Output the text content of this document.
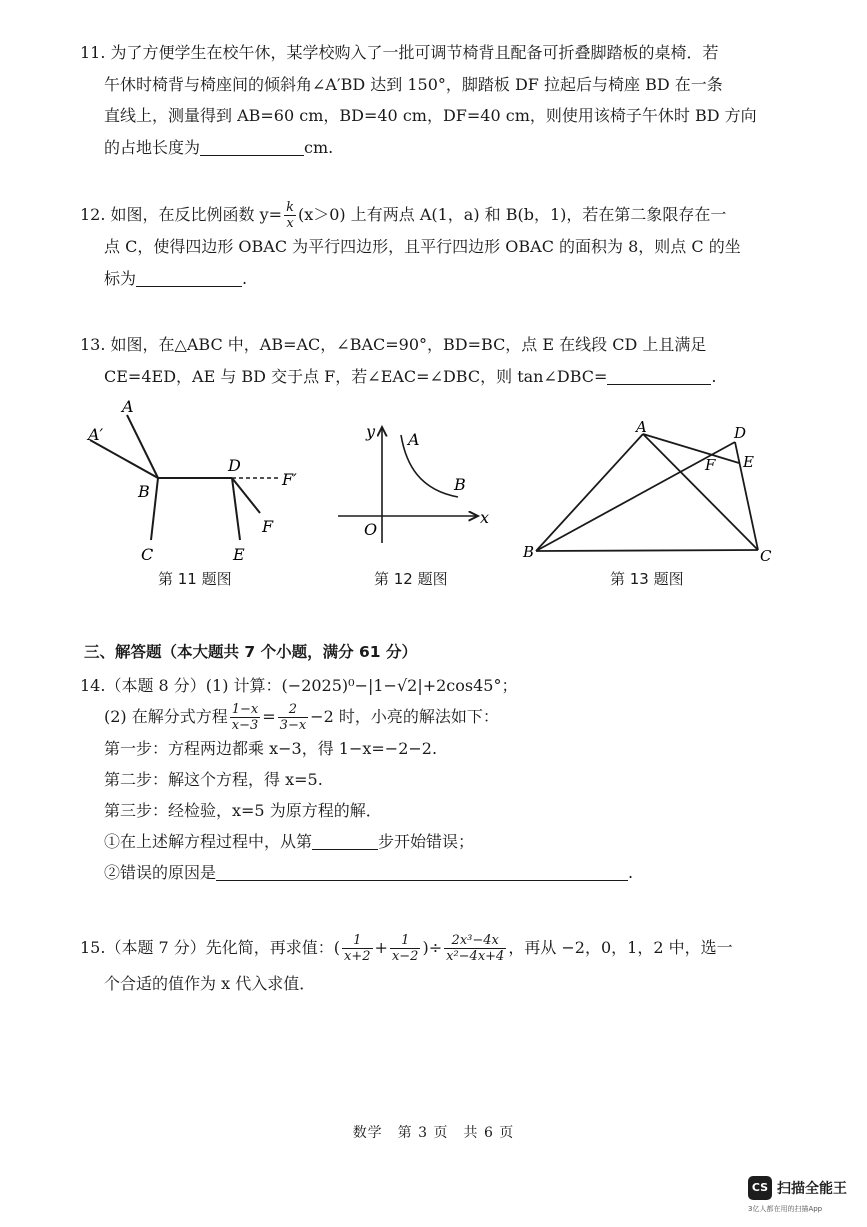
11. 为了方便学生在校午休，某学校购入了一批可调节椅背且配备可折叠脚踏板的桌椅．若

午休时椅背与椅座间的倾斜角∠A′BD 达到 150°，脚踏板 DF 拉起后与椅座 BD 在一条

直线上，测量得到 AB=60 cm，BD=40 cm，DF=40 cm，则使用该椅子午休时 BD 方向

的占地长度为	cm.

12. 如图，在反比例函数 $y= \frac{k}{x} (x>0)$ 上有两点 A(1，a) 和 B(b，1)，若在第二象限存在一

点 C，使得四边形 OBAC 为平行四边形，且平行四边形 OBAC 的面积为 8，则点 C 的坐

标为	.

13. 如图，在△ABC 中，AB=AC，∠BAC=90°，BD=BC，点 E 在线段 CD 上且满足

CE=4ED，AE 与 BD 交于点 F，若∠EAC=∠DBC，则 tan∠DBC=	.

A′
A
B
D
F′
C	E
F
第 11 题图
y A
B
O
x
第 12 题图
A	D
F E
B	C
第 13 题图
三、解答题（本大题共 7 个小题，满分 61 分）

14.（本题 8 分）(1) 计算：(−2025)⁰−|1−√2|+2cos45°；

(2) 在解分式方程 $\frac{1-x}{x-3} = \frac{2}{3-x} -2$ 时，小亮的解法如下：

第一步：方程两边都乘 x−3，得 1−x=−2−2.

第二步：解这个方程，得 x=5.

第三步：经检验，x=5 为原方程的解．

①在上述解方程过程中，从第	步开始错误；

②错误的原因是	.

15.（本题 7 分）先化简，再求值：( $\frac{1}{x+2} + \frac{1}{x-2}$ )÷ $\frac{\text{2x³−4x}}{\text{x²−4x+4}}$ ，再从 −2，0，1，2 中，选一

个合适的值作为 x 代入求值．

数学　第 3 页　共 6 页
CS 扫描全能王
3亿人都在用的扫描App
